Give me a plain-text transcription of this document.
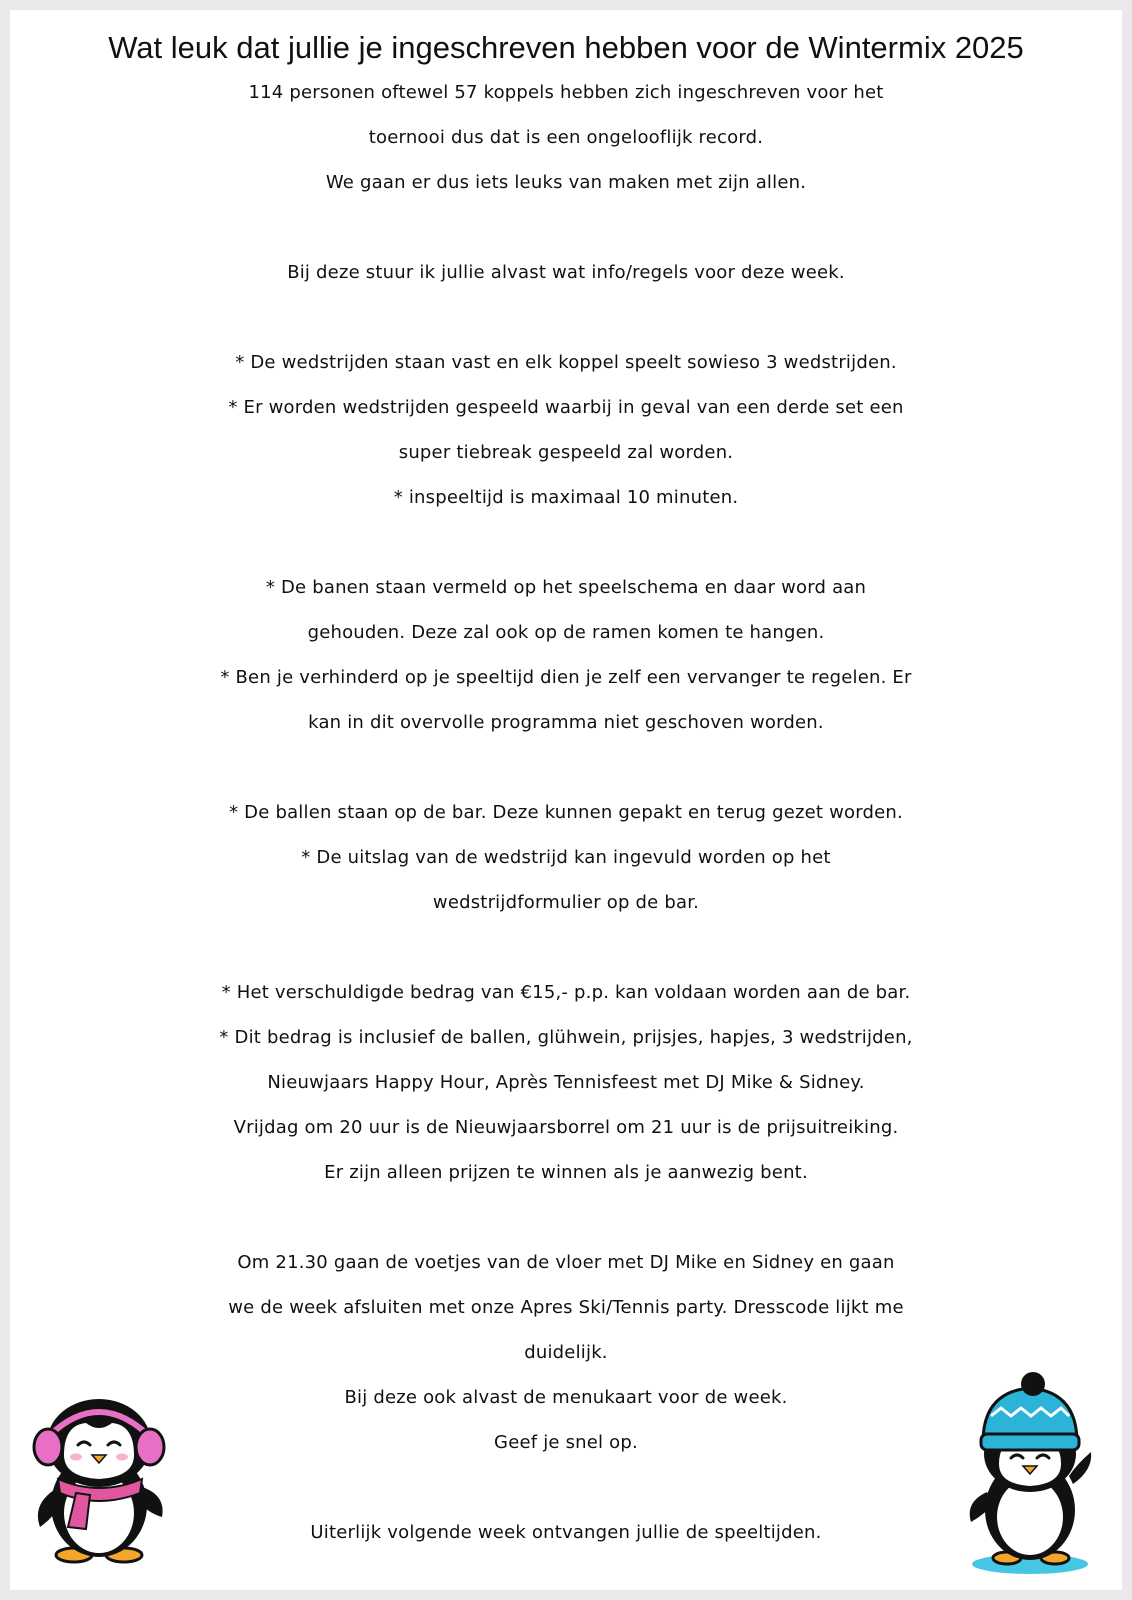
Wat leuk dat jullie je ingeschreven hebben voor de Wintermix 2025
114 personen oftewel 57 koppels hebben zich ingeschreven voor het
toernooi dus dat is een ongelooflijk record.
We gaan er dus iets leuks van maken met zijn allen.
Bij deze stuur ik jullie alvast wat info/regels voor deze week.
* De wedstrijden staan vast en elk koppel speelt sowieso 3 wedstrijden.
* Er worden wedstrijden gespeeld waarbij in geval van een derde set een
super tiebreak gespeeld zal worden.
* inspeeltijd is maximaal 10 minuten.
* De banen staan vermeld op het speelschema en daar word aan
gehouden. Deze zal ook op de ramen komen te hangen.
* Ben je verhinderd op je speeltijd dien je zelf een vervanger te regelen. Er
kan in dit overvolle programma niet geschoven worden.
* De ballen staan op de bar. Deze kunnen gepakt en terug gezet worden.
* De uitslag van de wedstrijd kan ingevuld worden op het
wedstrijdformulier op de bar.
* Het verschuldigde bedrag van €15,- p.p. kan voldaan worden aan de bar.
* Dit bedrag is inclusief de ballen, glühwein, prijsjes, hapjes, 3 wedstrijden,
Nieuwjaars Happy Hour, Après Tennisfeest met DJ Mike & Sidney.
Vrijdag om 20 uur is de Nieuwjaarsborrel om 21 uur is de prijsuitreiking.
Er zijn alleen prijzen te winnen als je aanwezig bent.
Om 21.30 gaan de voetjes van de vloer met DJ Mike en Sidney en gaan
we de week afsluiten met onze Apres Ski/Tennis party. Dresscode lijkt me
duidelijk.
Bij deze ook alvast de menukaart voor de week.
Geef je snel op.
Uiterlijk volgende week ontvangen jullie de speeltijden.
